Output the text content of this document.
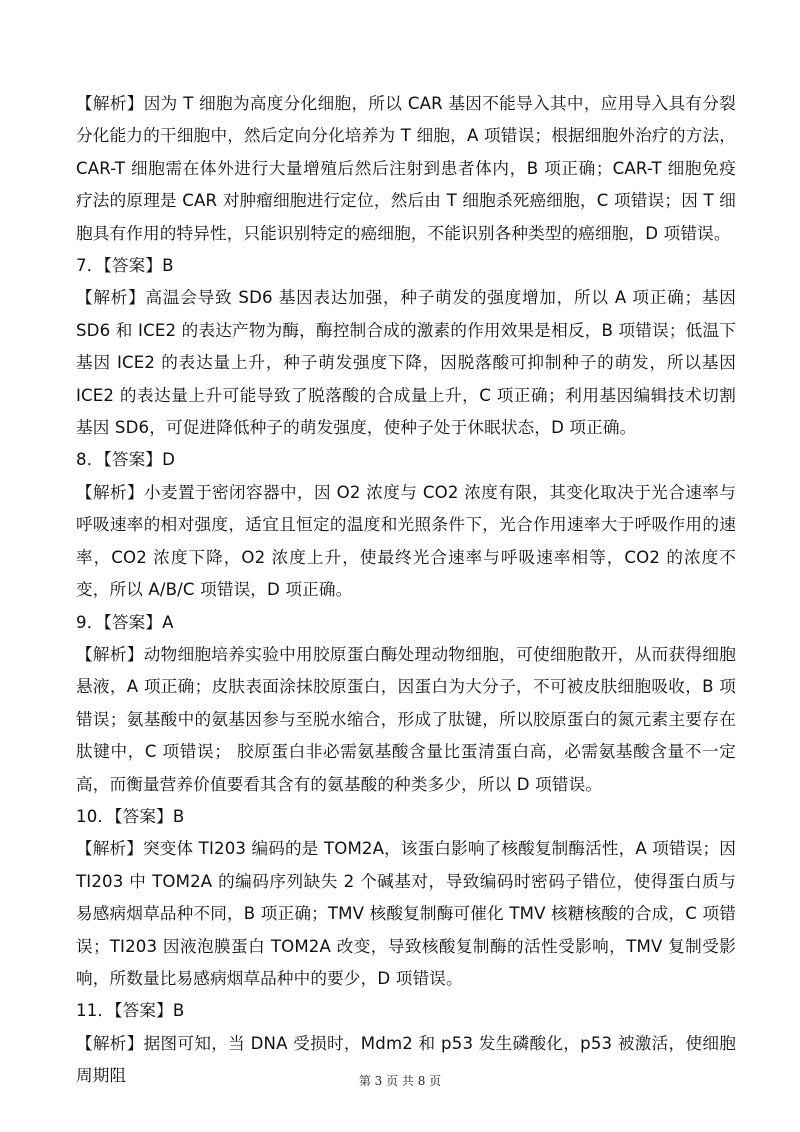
【解析】因为 T 细胞为高度分化细胞，所以 CAR 基因不能导入其中，应用导入具有分裂分化能力的干细胞中，然后定向分化培养为 T 细胞，A 项错误；根据细胞外治疗的方法，CAR-T 细胞需在体外进行大量增殖后然后注射到患者体内，B 项正确；CAR-T 细胞免疫疗法的原理是 CAR 对肿瘤细胞进行定位，然后由 T 细胞杀死癌细胞，C 项错误；因 T 细胞具有作用的特异性，只能识别特定的癌细胞，不能识别各种类型的癌细胞，D 项错误。
7．【答案】B
【解析】高温会导致 SD6 基因表达加强，种子萌发的强度增加，所以 A 项正确；基因 SD6 和 ICE2 的表达产物为酶，酶控制合成的激素的作用效果是相反，B 项错误；低温下基因 ICE2 的表达量上升，种子萌发强度下降，因脱落酸可抑制种子的萌发，所以基因 ICE2 的表达量上升可能导致了脱落酸的合成量上升，C 项正确；利用基因编辑技术切割基因 SD6，可促进降低种子的萌发强度，使种子处于休眠状态，D 项正确。
8．【答案】D
【解析】小麦置于密闭容器中，因 O2 浓度与 CO2 浓度有限，其变化取决于光合速率与呼吸速率的相对强度，适宜且恒定的温度和光照条件下，光合作用速率大于呼吸作用的速率，CO2 浓度下降，O2 浓度上升，使最终光合速率与呼吸速率相等，CO2 的浓度不变，所以 A/B/C 项错误，D 项正确。
9．【答案】A
【解析】动物细胞培养实验中用胶原蛋白酶处理动物细胞，可使细胞散开，从而获得细胞悬液，A 项正确；皮肤表面涂抹胶原蛋白，因蛋白为大分子，不可被皮肤细胞吸收，B 项错误；氨基酸中的氨基因参与至脱水缩合，形成了肽键，所以胶原蛋白的氮元素主要存在肽键中，C 项错误； 胶原蛋白非必需氨基酸含量比蛋清蛋白高，必需氨基酸含量不一定高，而衡量营养价值要看其含有的氨基酸的种类多少，所以 D 项错误。
10．【答案】B
【解析】突变体 TI203 编码的是 TOM2A，该蛋白影响了核酸复制酶活性，A 项错误；因 TI203 中 TOM2A 的编码序列缺失 2 个碱基对，导致编码时密码子错位，使得蛋白质与易感病烟草品种不同，B 项正确；TMV 核酸复制酶可催化 TMV 核糖核酸的合成，C 项错误；TI203 因液泡膜蛋白 TOM2A 改变，导致核酸复制酶的活性受影响，TMV 复制受影响，所数量比易感病烟草品种中的要少，D 项错误。
11．【答案】B
【解析】据图可知，当 DNA 受损时，Mdm2 和 p53 发生磷酸化，p53 被激活，使细胞周期阻	第 3 页 共 8 页
